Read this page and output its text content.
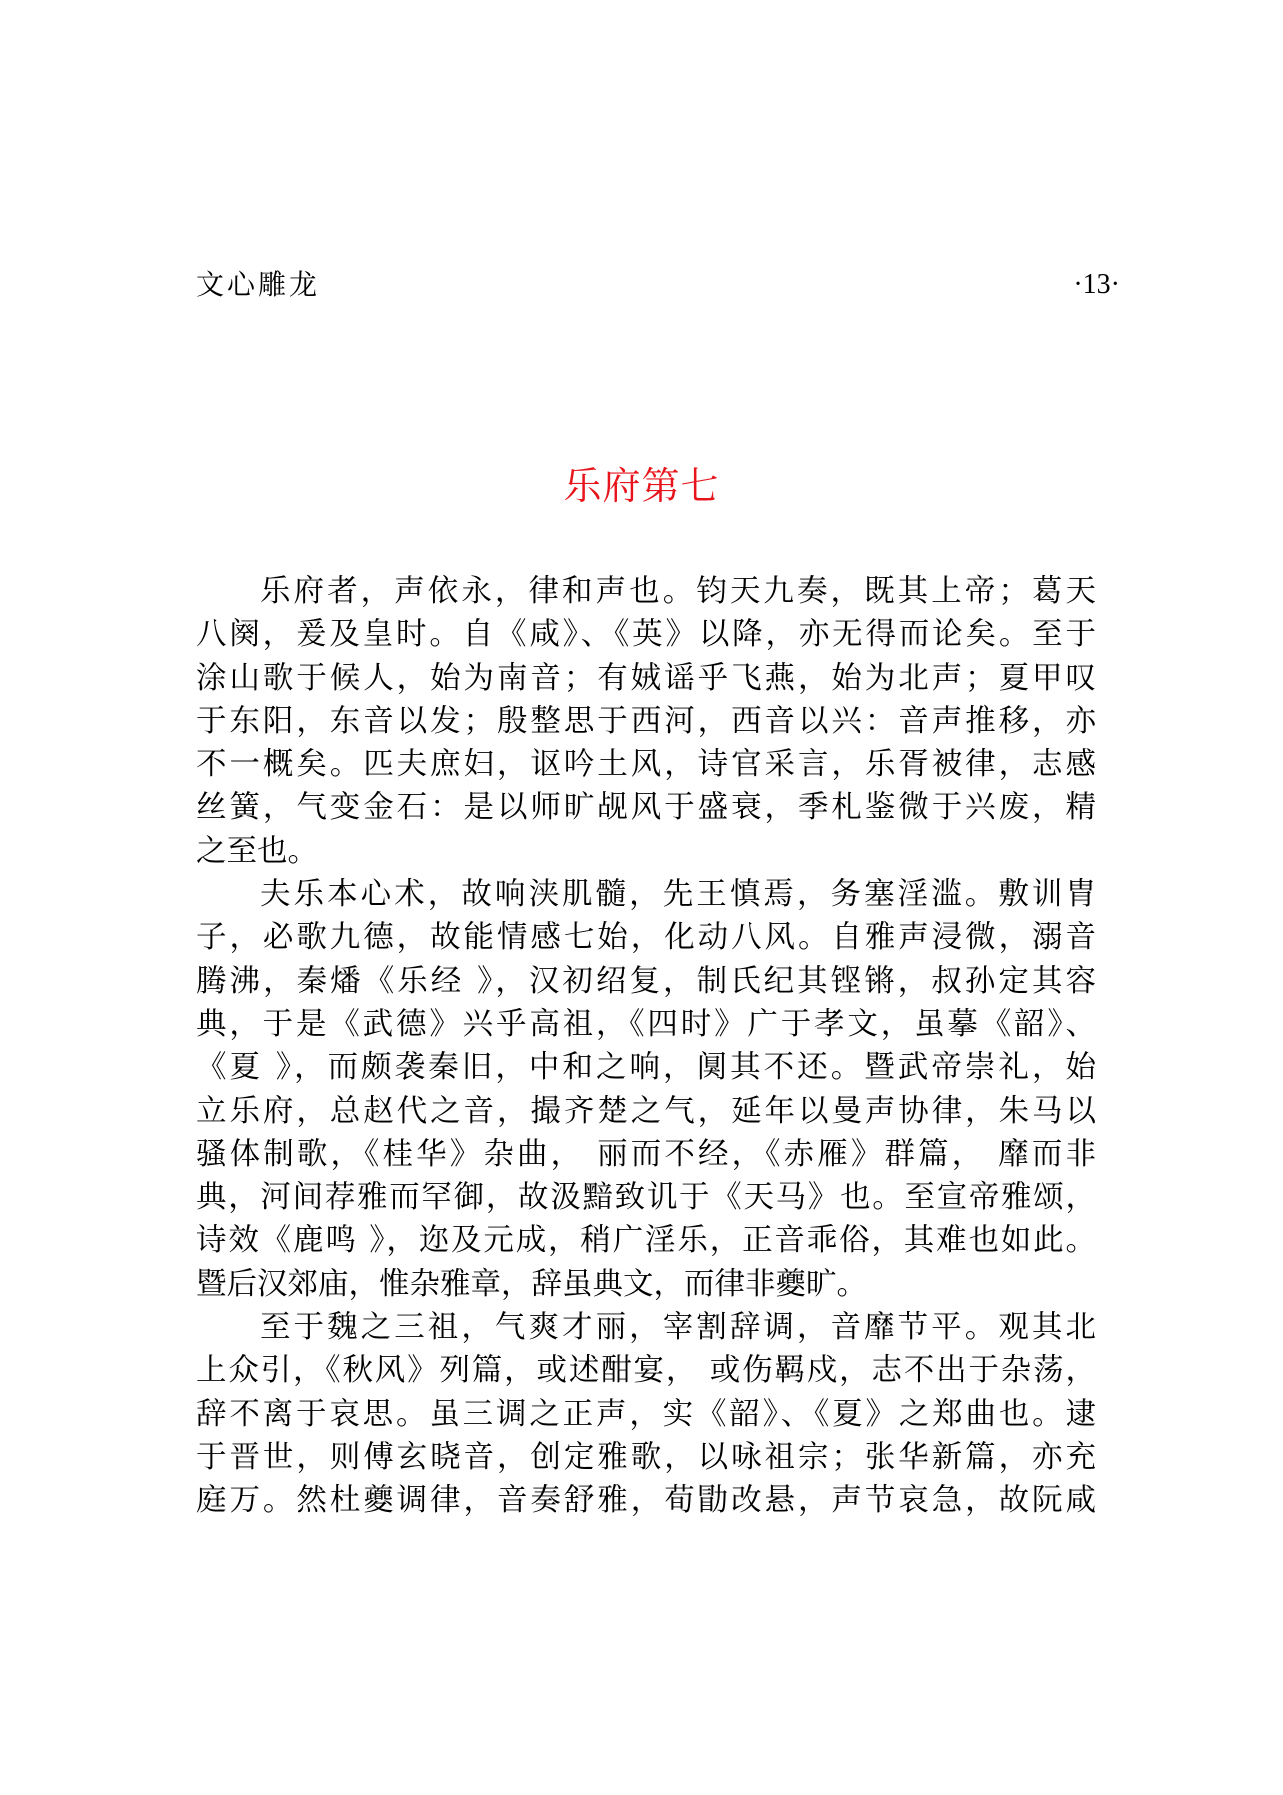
文心雕龙	·13·
乐府第七
乐府者，声依永，律和声也。钧天九奏，既其上帝；葛天
八阕，爰及皇时。自《咸》、《英》以降，亦无得而论矣。至于
涂山歌于候人，始为南音；有娀谣乎飞燕，始为北声；夏甲叹
于东阳，东音以发；殷整思于西河，西音以兴：音声推移，亦
不一概矣。匹夫庶妇，讴吟土风，诗官采言，乐胥被律，志感
丝簧，气变金石：是以师旷觇风于盛衰，季札鉴微于兴废，精
之至也。
夫乐本心术，故响浃肌髓，先王慎焉，务塞淫滥。敷训胄
子，必歌九德，故能情感七始，化动八风。自雅声浸微，溺音
腾沸，秦燔《乐经 》，汉初绍复，制氏纪其铿锵，叔孙定其容
典，于是《武德》兴乎高祖，《四时》广于孝文，虽摹《韶》、
《夏 》，而颇袭秦旧，中和之响，阒其不还。暨武帝崇礼，始
立乐府，总赵代之音，撮齐楚之气，延年以曼声协律，朱马以
骚体制歌，《桂华》杂曲， 丽而不经，《赤雁》群篇， 靡而非
典，河间荐雅而罕御，故汲黯致讥于《天马》也。至宣帝雅颂，
诗效《鹿鸣 》，迩及元成，稍广淫乐，正音乖俗，其难也如此。
暨后汉郊庙，惟杂雅章，辞虽典文，而律非夔旷。
至于魏之三祖，气爽才丽，宰割辞调，音靡节平。观其北
上众引，《秋风》列篇，或述酣宴， 或伤羁戍，志不出于杂荡，
辞不离于哀思。虽三调之正声，实《韶》、《夏》之郑曲也。逮
于晋世，则傅玄晓音，创定雅歌，以咏祖宗；张华新篇，亦充
庭万。然杜夔调律，音奏舒雅，荀勖改悬，声节哀急，故阮咸
